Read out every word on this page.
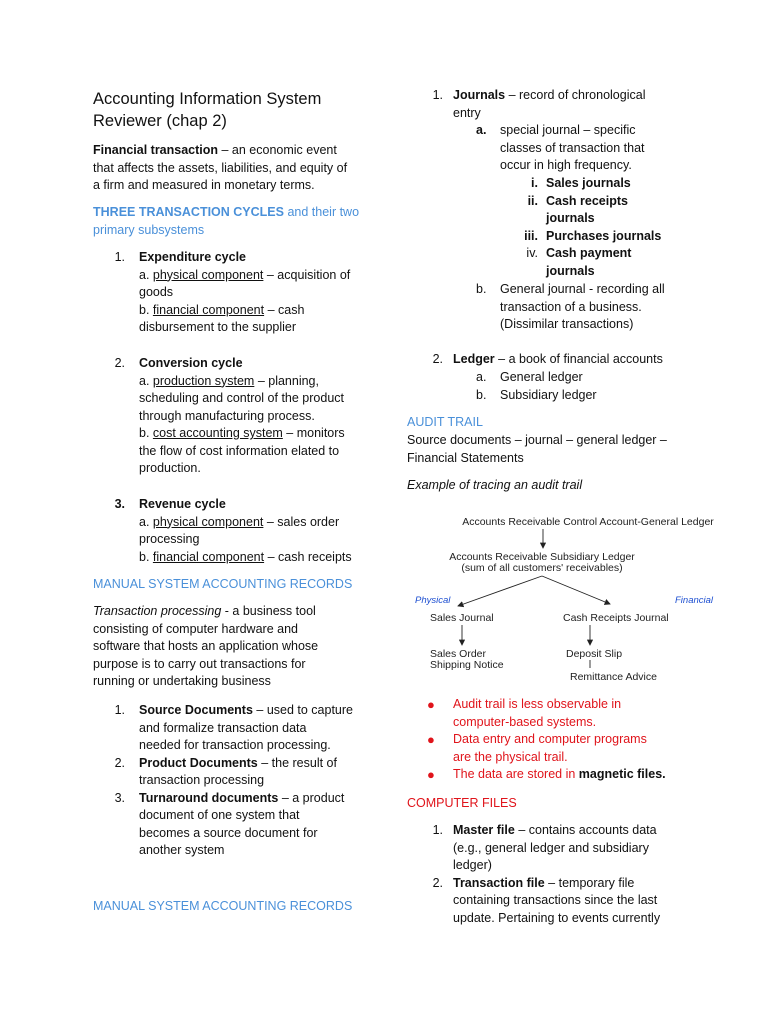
Accounting Information System
Reviewer (chap 2)
Financial transaction – an economic event
that affects the assets, liabilities, and equity of
a firm and measured in monetary terms.
THREE TRANSACTION CYCLES and their two
primary subsystems
1. Expenditure cycle
a. physical component – acquisition of
goods
b. financial component – cash
disbursement to the supplier
2. Conversion cycle
a. production system – planning,
scheduling and control of the product
through manufacturing process.
b. cost accounting system – monitors
the flow of cost information elated to
production.
3. Revenue cycle
a. physical component – sales order
processing
b. financial component – cash receipts
MANUAL SYSTEM ACCOUNTING RECORDS
Transaction processing - a business tool
consisting of computer hardware and
software that hosts an application whose
purpose is to carry out transactions for
running or undertaking business
1. Source Documents – used to capture
and formalize transaction data
needed for transaction processing.
2. Product Documents – the result of
transaction processing
3. Turnaround documents – a product
document of one system that
becomes a source document for
another system
MANUAL SYSTEM ACCOUNTING RECORDS
1. Journals – record of chronological
entry
a. special journal – specific
classes of transaction that
occur in high frequency.
i. Sales journals
ii. Cash receipts
journals
iii. Purchases journals
iv. Cash payment
journals
b. General journal - recording all
transaction of a business.
(Dissimilar transactions)
2. Ledger – a book of financial accounts
a. General ledger
b. Subsidiary ledger
AUDIT TRAIL
Source documents – journal – general ledger –
Financial Statements
Example of tracing an audit trail
Accounts Receivable Control Account-General Ledger
Accounts Receivable Subsidiary Ledger
(sum of all customers' receivables)
Physical	Financial
Sales Journal	Cash Receipts Journal
Sales Order
Shipping Notice
Deposit Slip
Remittance Advice
● Audit trail is less observable in
computer-based systems.
● Data entry and computer programs
are the physical trail.
● The data are stored in magnetic files.
COMPUTER FILES
1. Master file – contains accounts data
(e.g., general ledger and subsidiary
ledger)
2. Transaction file – temporary file
containing transactions since the last
update. Pertaining to events currently
